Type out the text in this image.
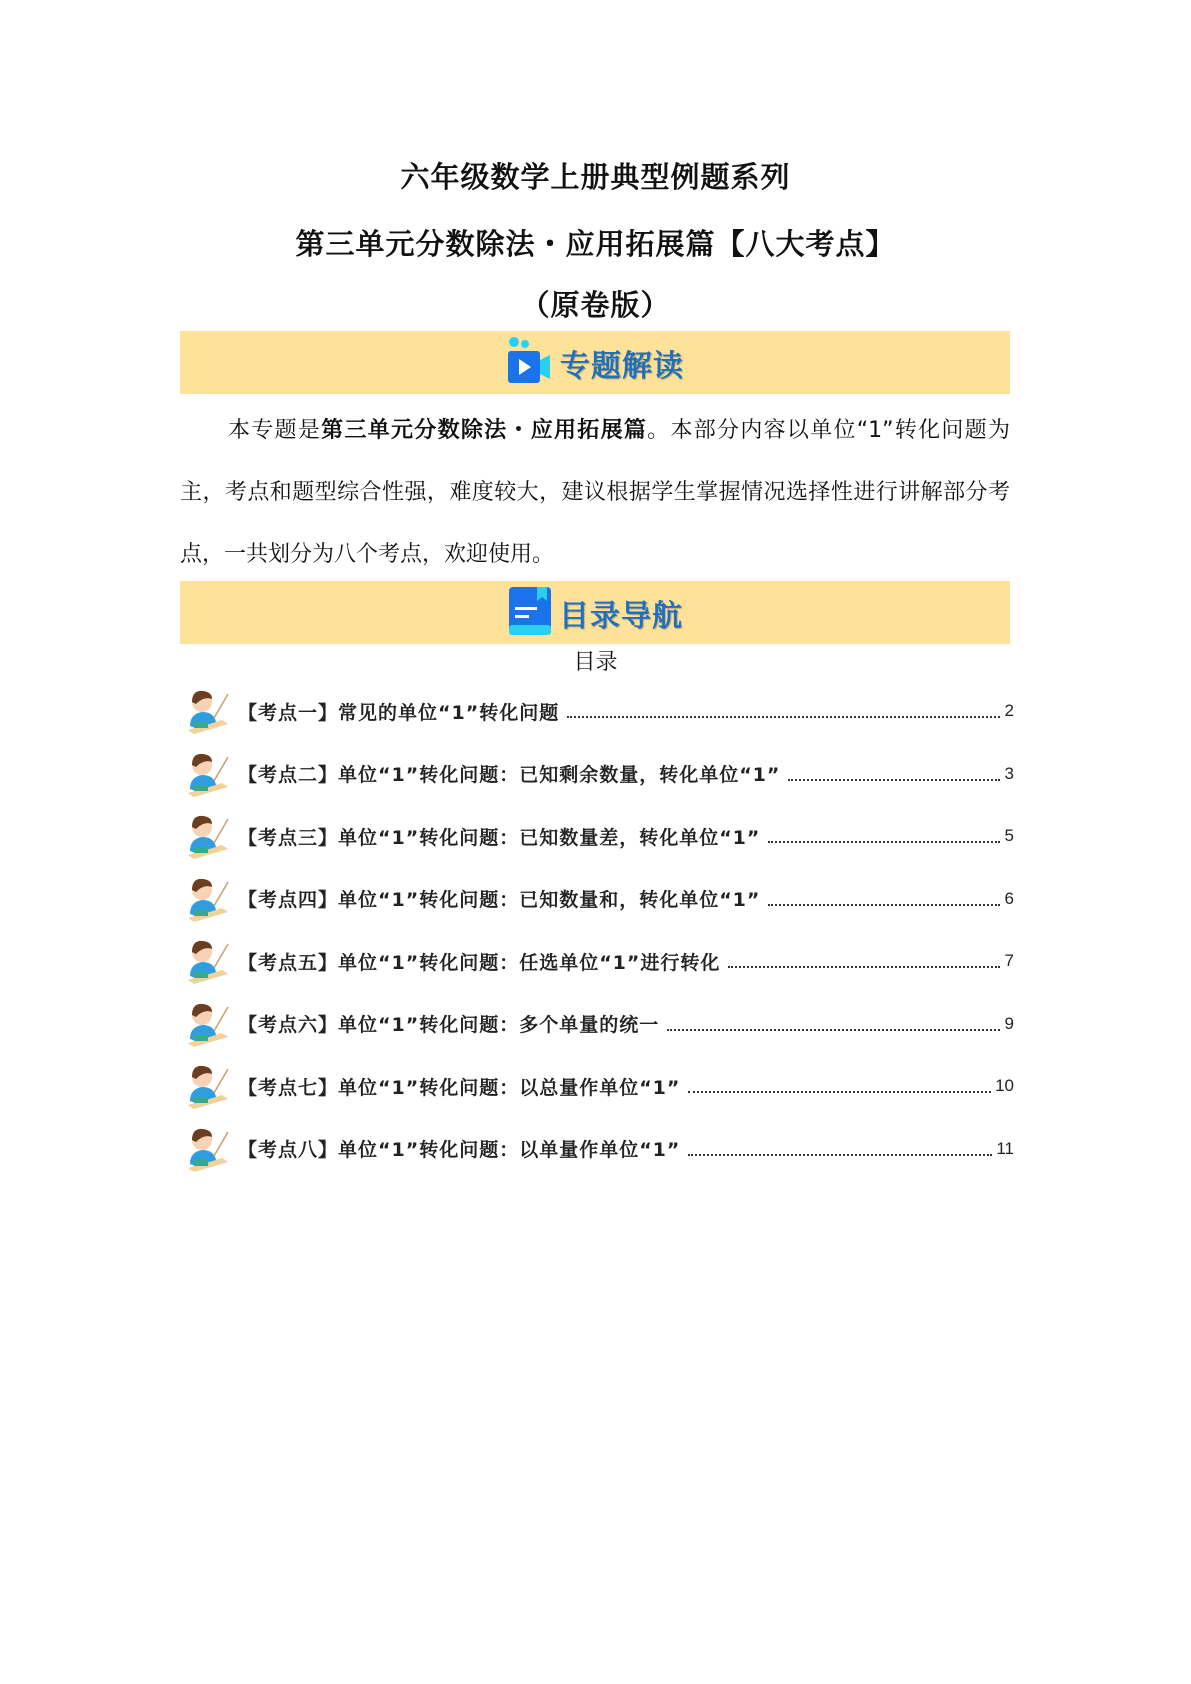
六年级数学上册典型例题系列
第三单元分数除法・应用拓展篇【八大考点】
（原卷版）
专题解读
本专题是第三单元分数除法・应用拓展篇。本部分内容以单位“1”转化问题为主，考点和题型综合性强，难度较大，建议根据学生掌握情况选择性进行讲解部分考点，一共划分为八个考点，欢迎使用。
目录导航
目录
【考点一】常见的单位“1”转化问题	2
【考点二】单位“1”转化问题：已知剩余数量，转化单位“1”	3
【考点三】单位“1”转化问题：已知数量差，转化单位“1”	5
【考点四】单位“1”转化问题：已知数量和，转化单位“1”	6
【考点五】单位“1”转化问题：任选单位“1”进行转化	7
【考点六】单位“1”转化问题：多个单量的统一	9
【考点七】单位“1”转化问题：以总量作单位“1”	10
【考点八】单位“1”转化问题：以单量作单位“1”	11
